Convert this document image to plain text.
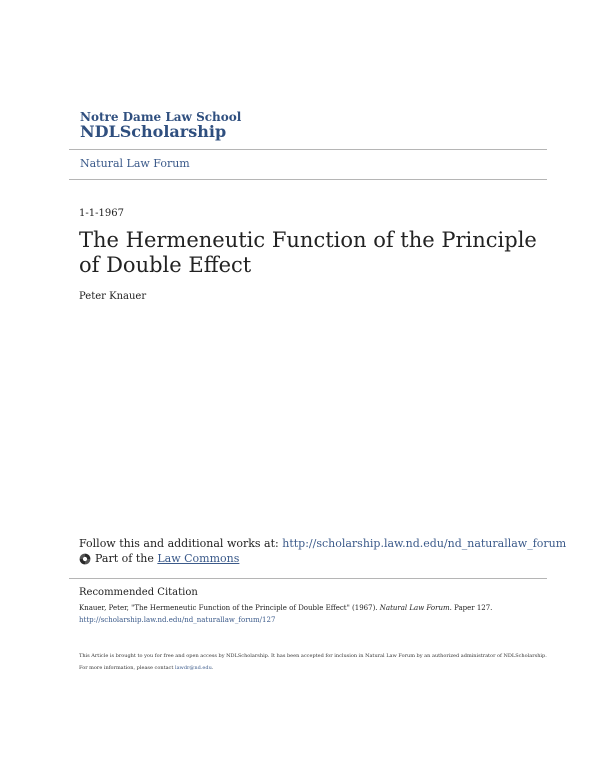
Notre Dame Law School
NDLScholarship
Natural Law Forum
1-1-1967
The Hermeneutic Function of the Principle of Double Effect
Peter Knauer
Follow this and additional works at: http://scholarship.law.nd.edu/nd_naturallaw_forum
Part of the
Law Commons
Recommended Citation
Knauer, Peter, "The Hermeneutic Function of the Principle of Double Effect" (1967). Natural Law Forum. Paper 127.
http://scholarship.law.nd.edu/nd_naturallaw_forum/127
This Article is brought to you for free and open access by NDLScholarship. It has been accepted for inclusion in Natural Law Forum by an authorized administrator of NDLScholarship. For more information, please contact lawdr@nd.edu.
